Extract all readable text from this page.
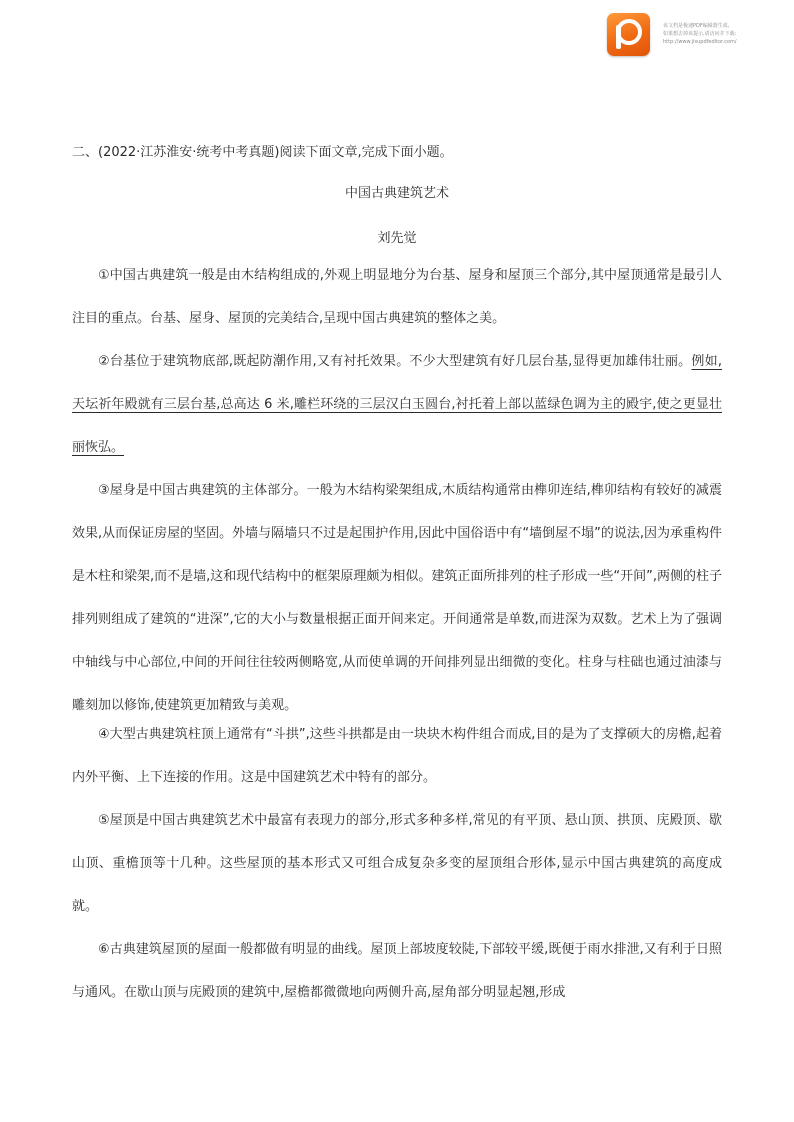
该文档是极速PDF编辑器生成,
如果想去掉该提示,请访问并下载:
http://www.jisupdfeditor.com/
二、(2022·江苏淮安·统考中考真题)阅读下面文章,完成下面小题。
中国古典建筑艺术
刘先觉

①中国古典建筑一般是由木结构组成的,外观上明显地分为台基、屋身和屋顶三个部分,其中屋顶通常是最引人注目的重点。台基、屋身、屋顶的完美结合,呈现中国古典建筑的整体之美。

②台基位于建筑物底部,既起防潮作用,又有衬托效果。不少大型建筑有好几层台基,显得更加雄伟壮丽。例如,天坛祈年殿就有三层台基,总高达 6 米,雕栏环绕的三层汉白玉圆台,衬托着上部以蓝绿色调为主的殿宇,使之更显壮丽恢弘。

③屋身是中国古典建筑的主体部分。一般为木结构梁架组成,木质结构通常由榫卯连结,榫卯结构有较好的减震效果,从而保证房屋的坚固。外墙与隔墙只不过是起围护作用,因此中国俗语中有“墙倒屋不塌”的说法,因为承重构件是木柱和梁架,而不是墙,这和现代结构中的框架原理颇为相似。建筑正面所排列的柱子形成一些“开间”,两侧的柱子排列则组成了建筑的“进深”,它的大小与数量根据正面开间来定。开间通常是单数,而进深为双数。艺术上为了强调中轴线与中心部位,中间的开间往往较两侧略宽,从而使单调的开间排列显出细微的变化。柱身与柱础也通过油漆与雕刻加以修饰,使建筑更加精致与美观。

④大型古典建筑柱顶上通常有“斗拱”,这些斗拱都是由一块块木构件组合而成,目的是为了支撑硕大的房檐,起着内外平衡、上下连接的作用。这是中国建筑艺术中特有的部分。

⑤屋顶是中国古典建筑艺术中最富有表现力的部分,形式多种多样,常见的有平顶、悬山顶、拱顶、庑殿顶、歇山顶、重檐顶等十几种。这些屋顶的基本形式又可组合成复杂多变的屋顶组合形体,显示中国古典建筑的高度成就。

⑥古典建筑屋顶的屋面一般都做有明显的曲线。屋顶上部坡度较陡,下部较平缓,既便于雨水排泄,又有利于日照与通风。在歇山顶与庑殿顶的建筑中,屋檐都微微地向两侧升高,屋角部分明显起翘,形成
